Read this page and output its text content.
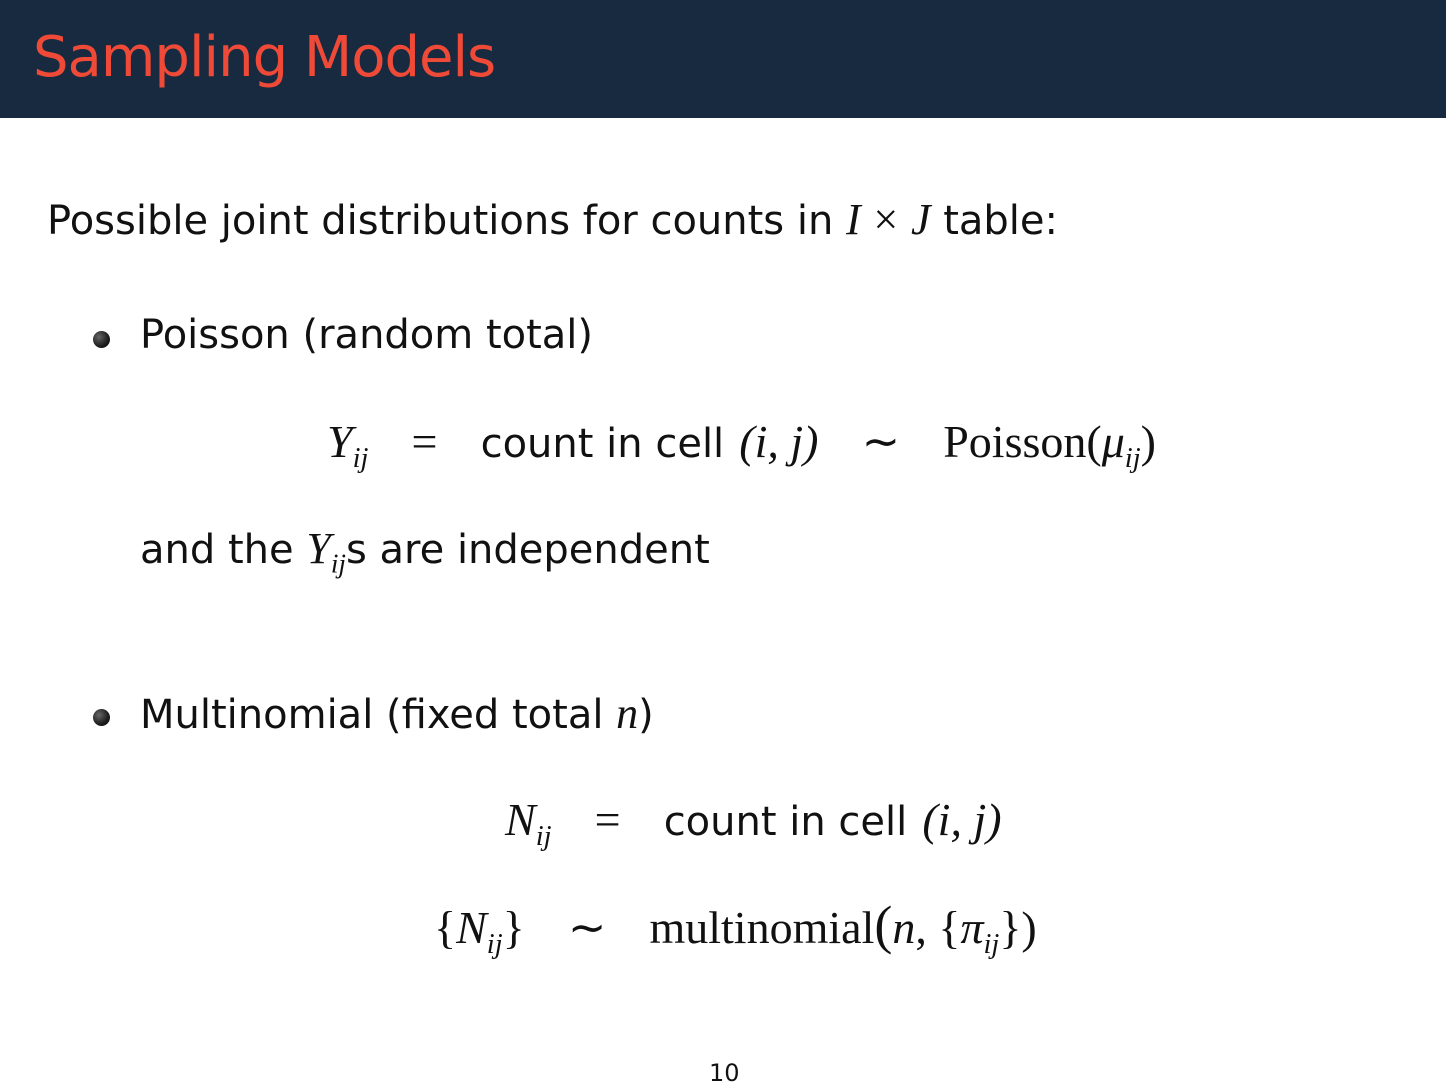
Sampling Models
Possible joint distributions for counts in I × J table:
Poisson (random total)
$Y_{ij}$ = count in cell (i, j) ∼ $Poisson(\mu_{ij})$
and the $Y_{ij}s$ are independent
Multinomial (fixed total n)
$N_{ij}$ = count in cell (i, j)
$\{N_{ij}\}$ ∼ multinomial(n, $\{\pi_{ij}\}$)
10
